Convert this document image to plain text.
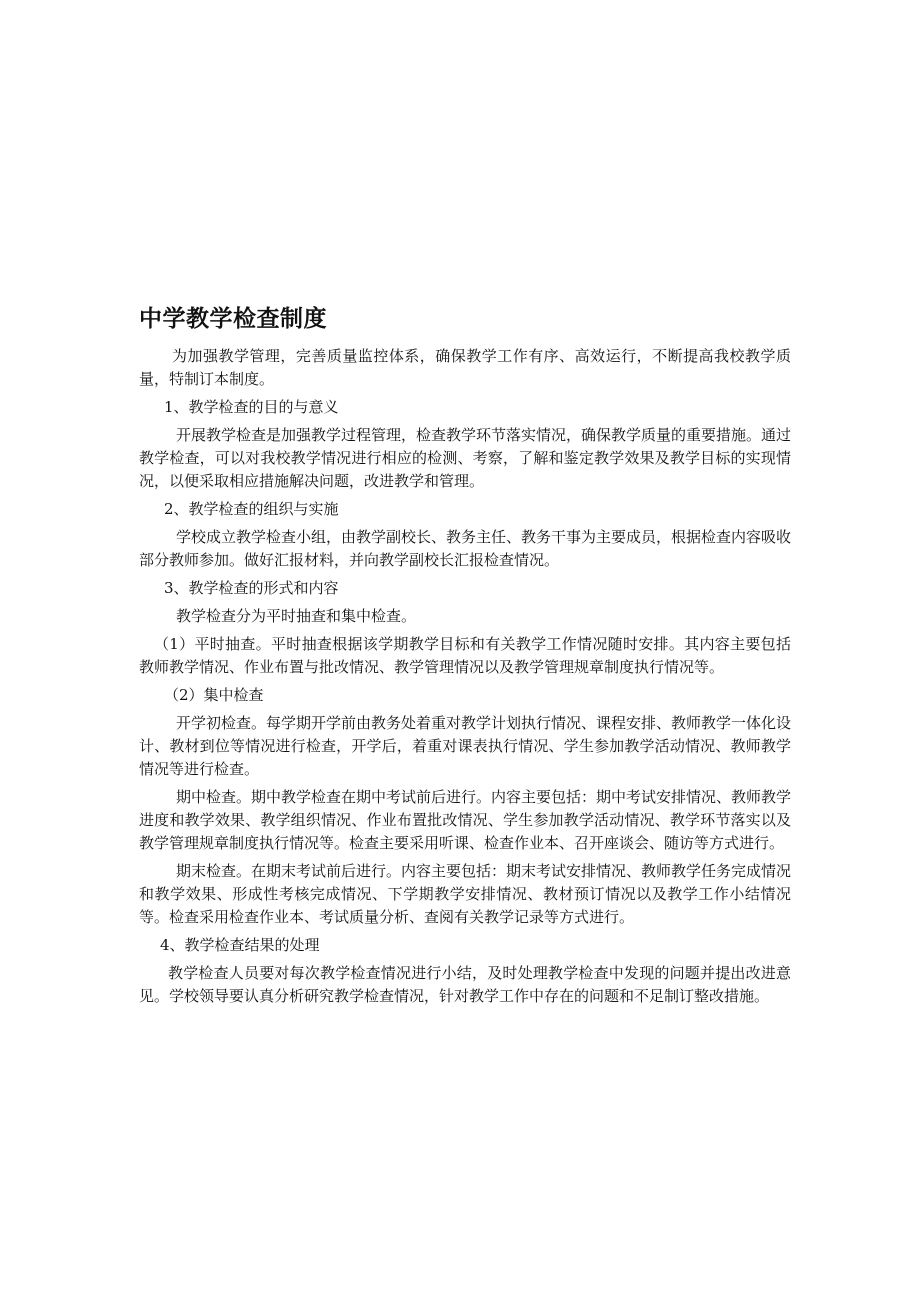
中学教学检查制度

为加强教学管理，完善质量监控体系，确保教学工作有序、高效运行，不断提高我校教学质量，特制订本制度。

1、教学检查的目的与意义

开展教学检查是加强教学过程管理，检查教学环节落实情况，确保教学质量的重要措施。通过教学检查，可以对我校教学情况进行相应的检测、考察，了解和鉴定教学效果及教学目标的实现情况，以便采取相应措施解决问题，改进教学和管理。

2、教学检查的组织与实施

学校成立教学检查小组，由教学副校长、教务主任、教务干事为主要成员，根据检查内容吸收部分教师参加。做好汇报材料，并向教学副校长汇报检查情况。

3、教学检查的形式和内容

教学检查分为平时抽查和集中检查。

（1）平时抽查。平时抽查根据该学期教学目标和有关教学工作情况随时安排。其内容主要包括教师教学情况、作业布置与批改情况、教学管理情况以及教学管理规章制度执行情况等。

（2）集中检查

开学初检查。每学期开学前由教务处着重对教学计划执行情况、课程安排、教师教学一体化设计、教材到位等情况进行检查，开学后，着重对课表执行情况、学生参加教学活动情况、教师教学情况等进行检查。

期中检查。期中教学检查在期中考试前后进行。内容主要包括：期中考试安排情况、教师教学进度和教学效果、教学组织情况、作业布置批改情况、学生参加教学活动情况、教学环节落实以及教学管理规章制度执行情况等。检查主要采用听课、检查作业本、召开座谈会、随访等方式进行。

期末检查。在期末考试前后进行。内容主要包括：期末考试安排情况、教师教学任务完成情况和教学效果、形成性考核完成情况、下学期教学安排情况、教材预订情况以及教学工作小结情况等。检查采用检查作业本、考试质量分析、查阅有关教学记录等方式进行。

4、教学检查结果的处理

教学检查人员要对每次教学检查情况进行小结，及时处理教学检查中发现的问题并提出改进意见。学校领导要认真分析研究教学检查情况，针对教学工作中存在的问题和不足制订整改措施。
